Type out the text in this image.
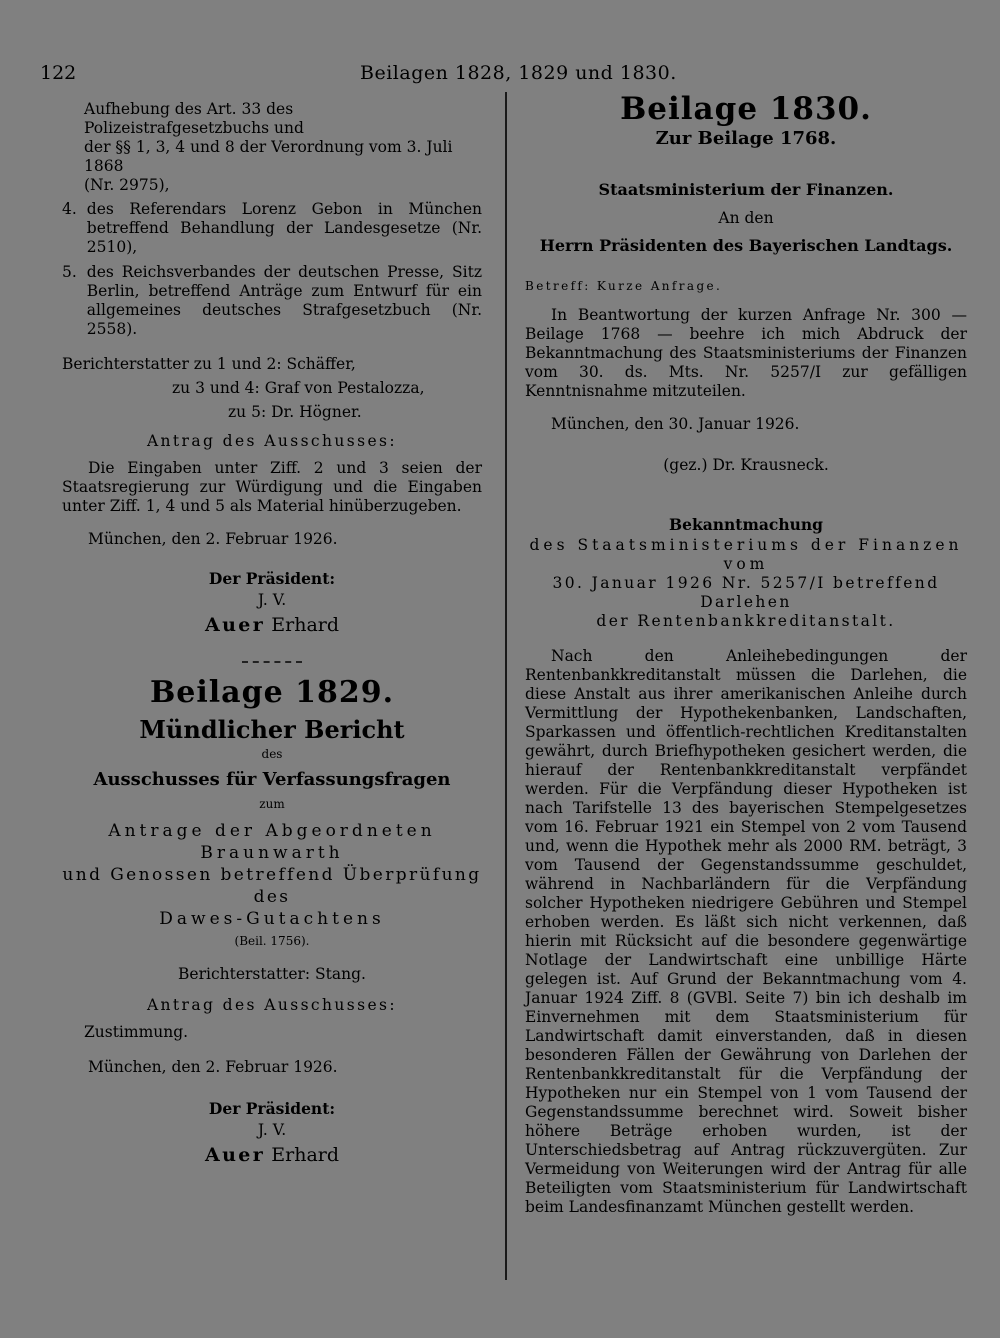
122	Beilagen 1828, 1829 und 1830.

Aufhebung des Art. 33 des Polizeistrafgesetzbuchs und

der §§ 1, 3, 4 und 8 der Verordnung vom 3. Juli 1868

(Nr. 2975),

4. des Referendars Lorenz Gebon in München betreffend Behandlung der Landesgesetze (Nr. 2510),
5. des Reichsverbandes der deutschen Presse, Sitz Berlin, betreffend Anträge zum Entwurf für ein allgemeines deutsches Strafgesetzbuch (Nr. 2558).

Berichterstatter zu 1 und 2: Schäffer,

zu 3 und 4: Graf von Pestalozza,

zu 5: Dr. Högner.

Antrag des Ausschusses:

Die Eingaben unter Ziff. 2 und 3 seien der Staatsregierung zur Würdigung und die Eingaben unter Ziff. 1, 4 und 5 als Material hinüberzugeben.

München, den 2. Februar 1926.

Der Präsident:

J. V.

Auer Erhard

Beilage 1829.

Mündlicher Bericht

des

Ausschusses für Verfassungsfragen

zum

Antrage der Abgeordneten Braunwarth

und Genossen betreffend Überprüfung des

Dawes-Gutachtens

(Beil. 1756).

Berichterstatter: Stang.

Antrag des Ausschusses:

Zustimmung.

München, den 2. Februar 1926.

Der Präsident:

J. V.

Auer Erhard

Beilage 1830.

Zur Beilage 1768.

Staatsministerium der Finanzen.

An den

Herrn Präsidenten des Bayerischen Landtags.

Betreff: Kurze Anfrage.

In Beantwortung der kurzen Anfrage Nr. 300 — Beilage 1768 — beehre ich mich Abdruck der Bekanntmachung des Staatsministeriums der Finanzen vom 30. ds. Mts. Nr. 5257/I zur gefälligen Kenntnisnahme mitzuteilen.

München, den 30. Januar 1926.

(gez.) Dr. Krausneck.

Bekanntmachung

des Staatsministeriums der Finanzen vom

30. Januar 1926 Nr. 5257/I betreffend Darlehen

der Rentenbankkreditanstalt.

Nach den Anleihebedingungen der Rentenbankkreditanstalt müssen die Darlehen, die diese Anstalt aus ihrer amerikanischen Anleihe durch Vermittlung der Hypothekenbanken, Landschaften, Sparkassen und öffentlich-rechtlichen Kreditanstalten gewährt, durch Briefhypotheken gesichert werden, die hierauf der Rentenbankkreditanstalt verpfändet werden. Für die Verpfändung dieser Hypotheken ist nach Tarifstelle 13 des bayerischen Stempelgesetzes vom 16. Februar 1921 ein Stempel von 2 vom Tausend und, wenn die Hypothek mehr als 2000 RM. beträgt, 3 vom Tausend der Gegenstandssumme geschuldet, während in Nachbarländern für die Verpfändung solcher Hypotheken niedrigere Gebühren und Stempel erhoben werden. Es läßt sich nicht verkennen, daß hierin mit Rücksicht auf die besondere gegenwärtige Notlage der Landwirtschaft eine unbillige Härte gelegen ist. Auf Grund der Bekanntmachung vom 4. Januar 1924 Ziff. 8 (GVBl. Seite 7) bin ich deshalb im Einvernehmen mit dem Staatsministerium für Landwirtschaft damit einverstanden, daß in diesen besonderen Fällen der Gewährung von Darlehen der Rentenbankkreditanstalt für die Verpfändung der Hypotheken nur ein Stempel von 1 vom Tausend der Gegenstandssumme berechnet wird. Soweit bisher höhere Beträge erhoben wurden, ist der Unterschiedsbetrag auf Antrag rückzuvergüten. Zur Vermeidung von Weiterungen wird der Antrag für alle Beteiligten vom Staatsministerium für Landwirtschaft beim Landesfinanzamt München gestellt werden.
